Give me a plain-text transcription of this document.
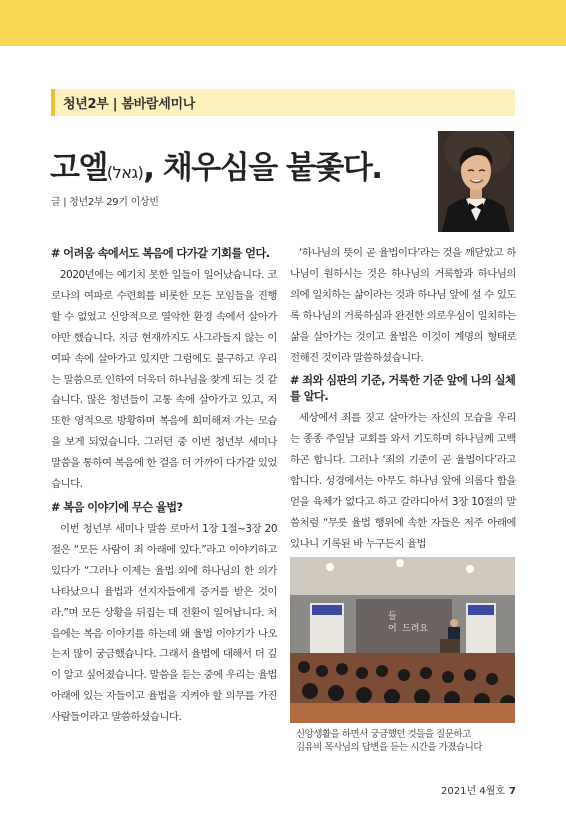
청년2부 | 봄바람세미나
고엘(גאל), 채우심을 붙좇다.
글 | 청년2부 29기 이상빈
# 어려움 속에서도 복음에 다가갈 기회를 얻다.

2020년에는 예기치 못한 일들이 일어났습니다. 코로나의 여파로 수련회를 비롯한 모든 모임들을 진행할 수 없었고 신앙적으로 열악한 환경 속에서 살아가야만 했습니다. 지금 현재까지도 사그라들지 않는 이 여파 속에 살아가고 있지만 그럼에도 불구하고 우리는 말씀으로 인하여 더욱더 하나님을 찾게 되는 것 같습니다. 많은 청년들이 고통 속에 살아가고 있고, 저 또한 영적으로 방황하며 복음에 희미해져 가는 모습을 보게 되었습니다. 그러던 중 이번 청년부 세미나 말씀을 통하여 복음에 한 걸음 더 가까이 다가갈 있었습니다.

# 복음 이야기에 무슨 율법?

이번 청년부 세미나 말씀 로마서 1장 1절~3장 20절은 “모든 사람이 죄 아래에 있다.”라고 이야기하고 있다가 “그러나 이제는 율법 외에 하나님의 한 의가 나타났으니 율법과 선지자들에게 증거를 받은 것이라.”며 모든 상황을 뒤집는 대 전환이 일어납니다. 처음에는 복음 이야기를 하는데 왜 율법 이야기가 나오는지 많이 궁금했습니다. 그래서 율법에 대해서 더 깊이 알고 싶어졌습니다. 말씀을 듣는 중에 우리는 율법 아래에 있는 자들이고 율법을 지켜야 할 의무를 가진 사람들이라고 말씀하셨습니다.

‘하나님의 뜻이 곧 율법이다’라는 것을 깨닫았고 하나님이 원하시는 것은 하나님의 거룩함과 하나님의 의에 일치하는 삶이라는 것과 하나님 앞에 설 수 있도록 하나님의 거룩하심과 완전한 의로우심이 일치하는 삶을 살아가는 것이고 율법은 이것이 계명의 형태로 전해진 것이라 말씀하셨습니다.

# 죄와 심판의 기준, 거룩한 기준 앞에 나의 실체를 알다.

세상에서 죄를 짓고 살아가는 자신의 모습을 우리는 종종 주일날 교회를 와서 기도하며 하나님께 고백하곤 합니다. 그러나 ‘죄의 기준이 곧 율법이다’라고 합니다. 성경에서는 아무도 하나님 앞에 의롭다 함을 얻을 육체가 없다고 하고 갈라디아서 3장 10절의 말씀처럼 “무릇 율법 행위에 속한 자들은 저주 아래에 있나니 기록된 바 누구든지 율법

들
어 드려요
신앙생활을 하면서 궁금했던 것들을 질문하고
김유비 목사님의 답변을 듣는 시간을 가졌습니다
2021년 4월호 7
